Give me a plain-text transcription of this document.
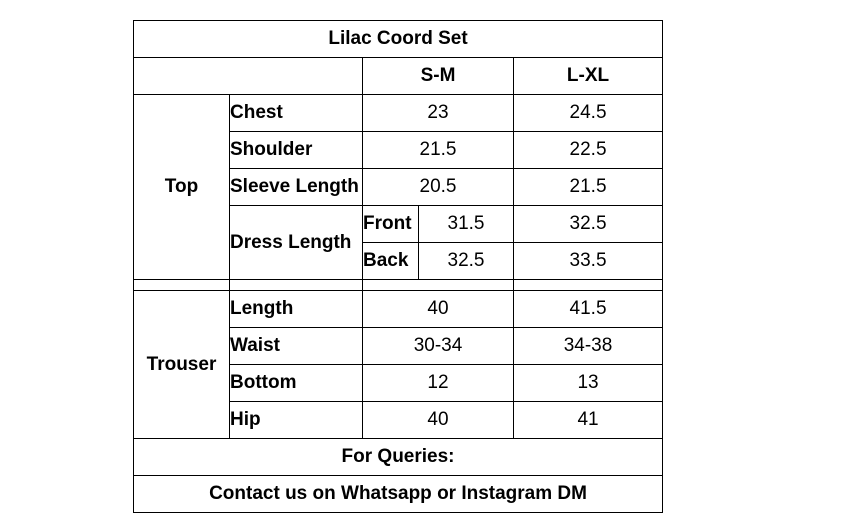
Lilac Coord Set				
		S-M		L-XL
Top	Chest	23		24.5
	Shoulder	21.5		22.5
	Sleeve Length	20.5		21.5
	Dress Length	Front	31.5	32.5
		Back	32.5	33.5

Trouser	Length	40		41.5
	Waist	30-34		34-38
	Bottom	12		13
	Hip	40		41
For Queries:				
Contact us on Whatsapp or Instagram DM				
